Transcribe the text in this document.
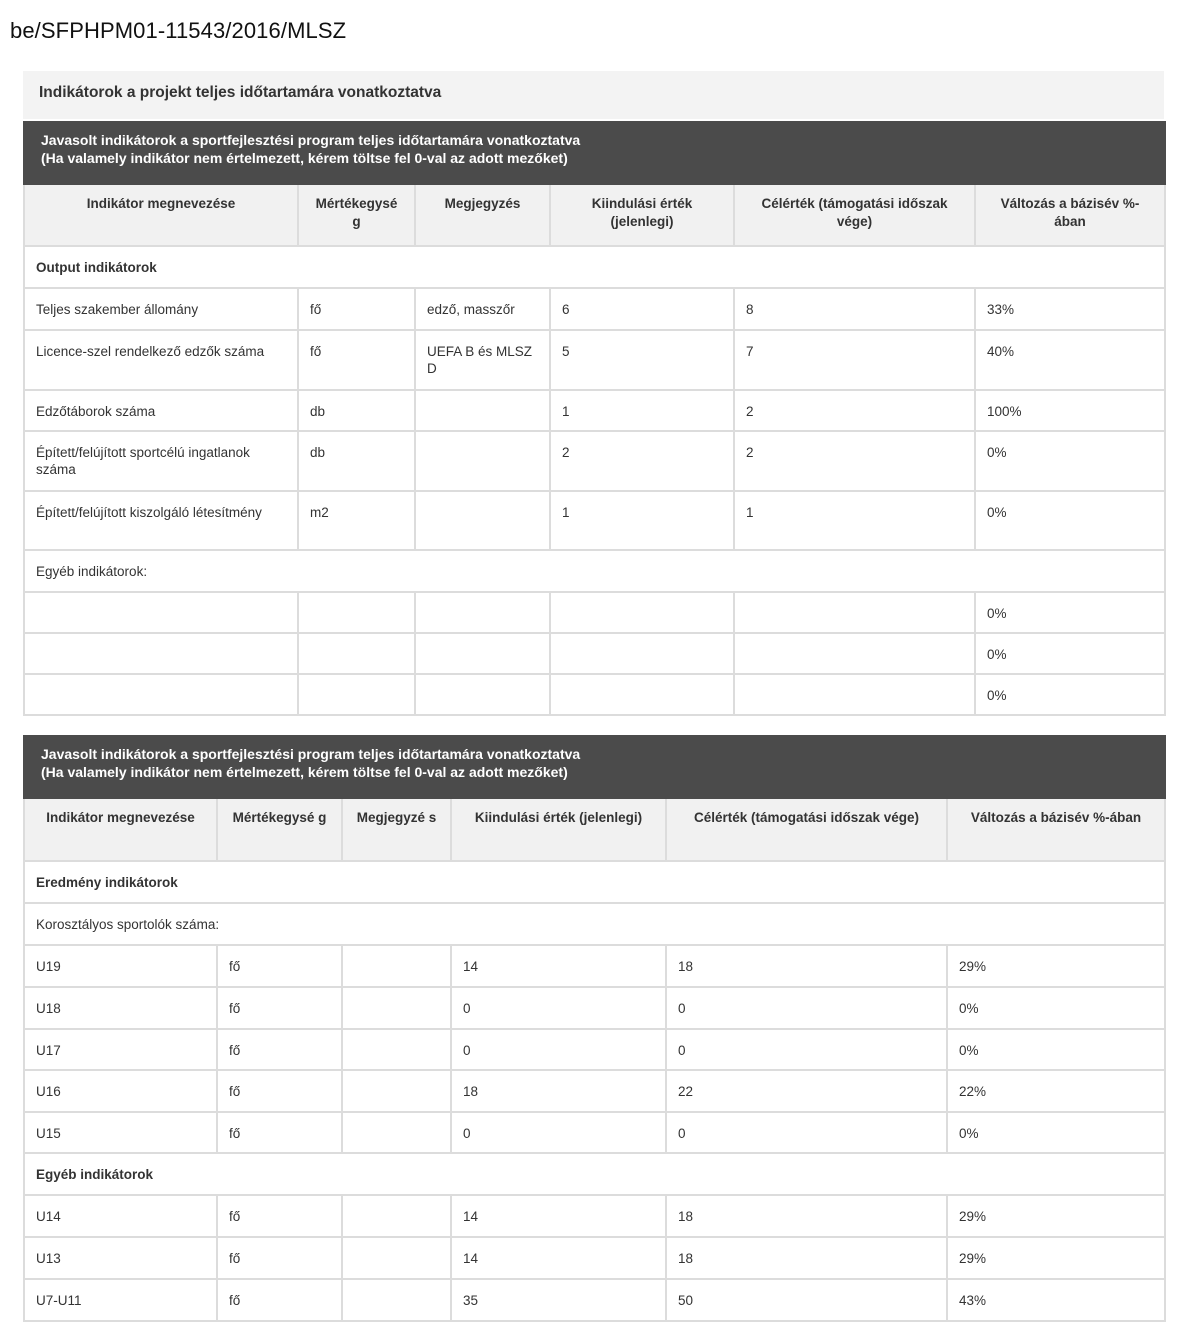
be/SFPHPM01-11543/2016/MLSZ
Indikátorok a projekt teljes időtartamára vonatkoztatva
Javasolt indikátorok a sportfejlesztési program teljes időtartamára vonatkoztatva
(Ha valamely indikátor nem értelmezett, kérem töltse fel 0-val az adott mezőket)					

Indikátor megnevezése	Mértékegysé g	Megjegyzés	Kiindulási érték (jelenlegi)	Célérték (támogatási időszak vége)	Változás a bázisév %-ában
Output indikátorok					
Teljes szakember állomány	fő	edző, masszőr	6	8	33%
Licence-szel rendelkező edzők száma	fő	UEFA B és MLSZ D	5	7	40%
Edzőtáborok száma	db		1	2	100%
Épített/felújított sportcélú ingatlanok száma	db		2	2	0%
Épített/felújított kiszolgáló létesítmény	m2		1	1	0%
Egyéb indikátorok:					
					0%
					0%
					0%
Javasolt indikátorok a sportfejlesztési program teljes időtartamára vonatkoztatva
(Ha valamely indikátor nem értelmezett, kérem töltse fel 0-val az adott mezőket)					

Indikátor megnevezése	Mértékegysé g	Megjegyzé s	Kiindulási érték (jelenlegi)	Célérték (támogatási időszak vége)	Változás a bázisév %-ában
Eredmény indikátorok					
Korosztályos sportolók száma:					
U19	fő		14	18	29%
U18	fő		0	0	0%
U17	fő		0	0	0%
U16	fő		18	22	22%
U15	fő		0	0	0%
Egyéb indikátorok					
U14	fő		14	18	29%
U13	fő		14	18	29%
U7-U11	fő		35	50	43%
